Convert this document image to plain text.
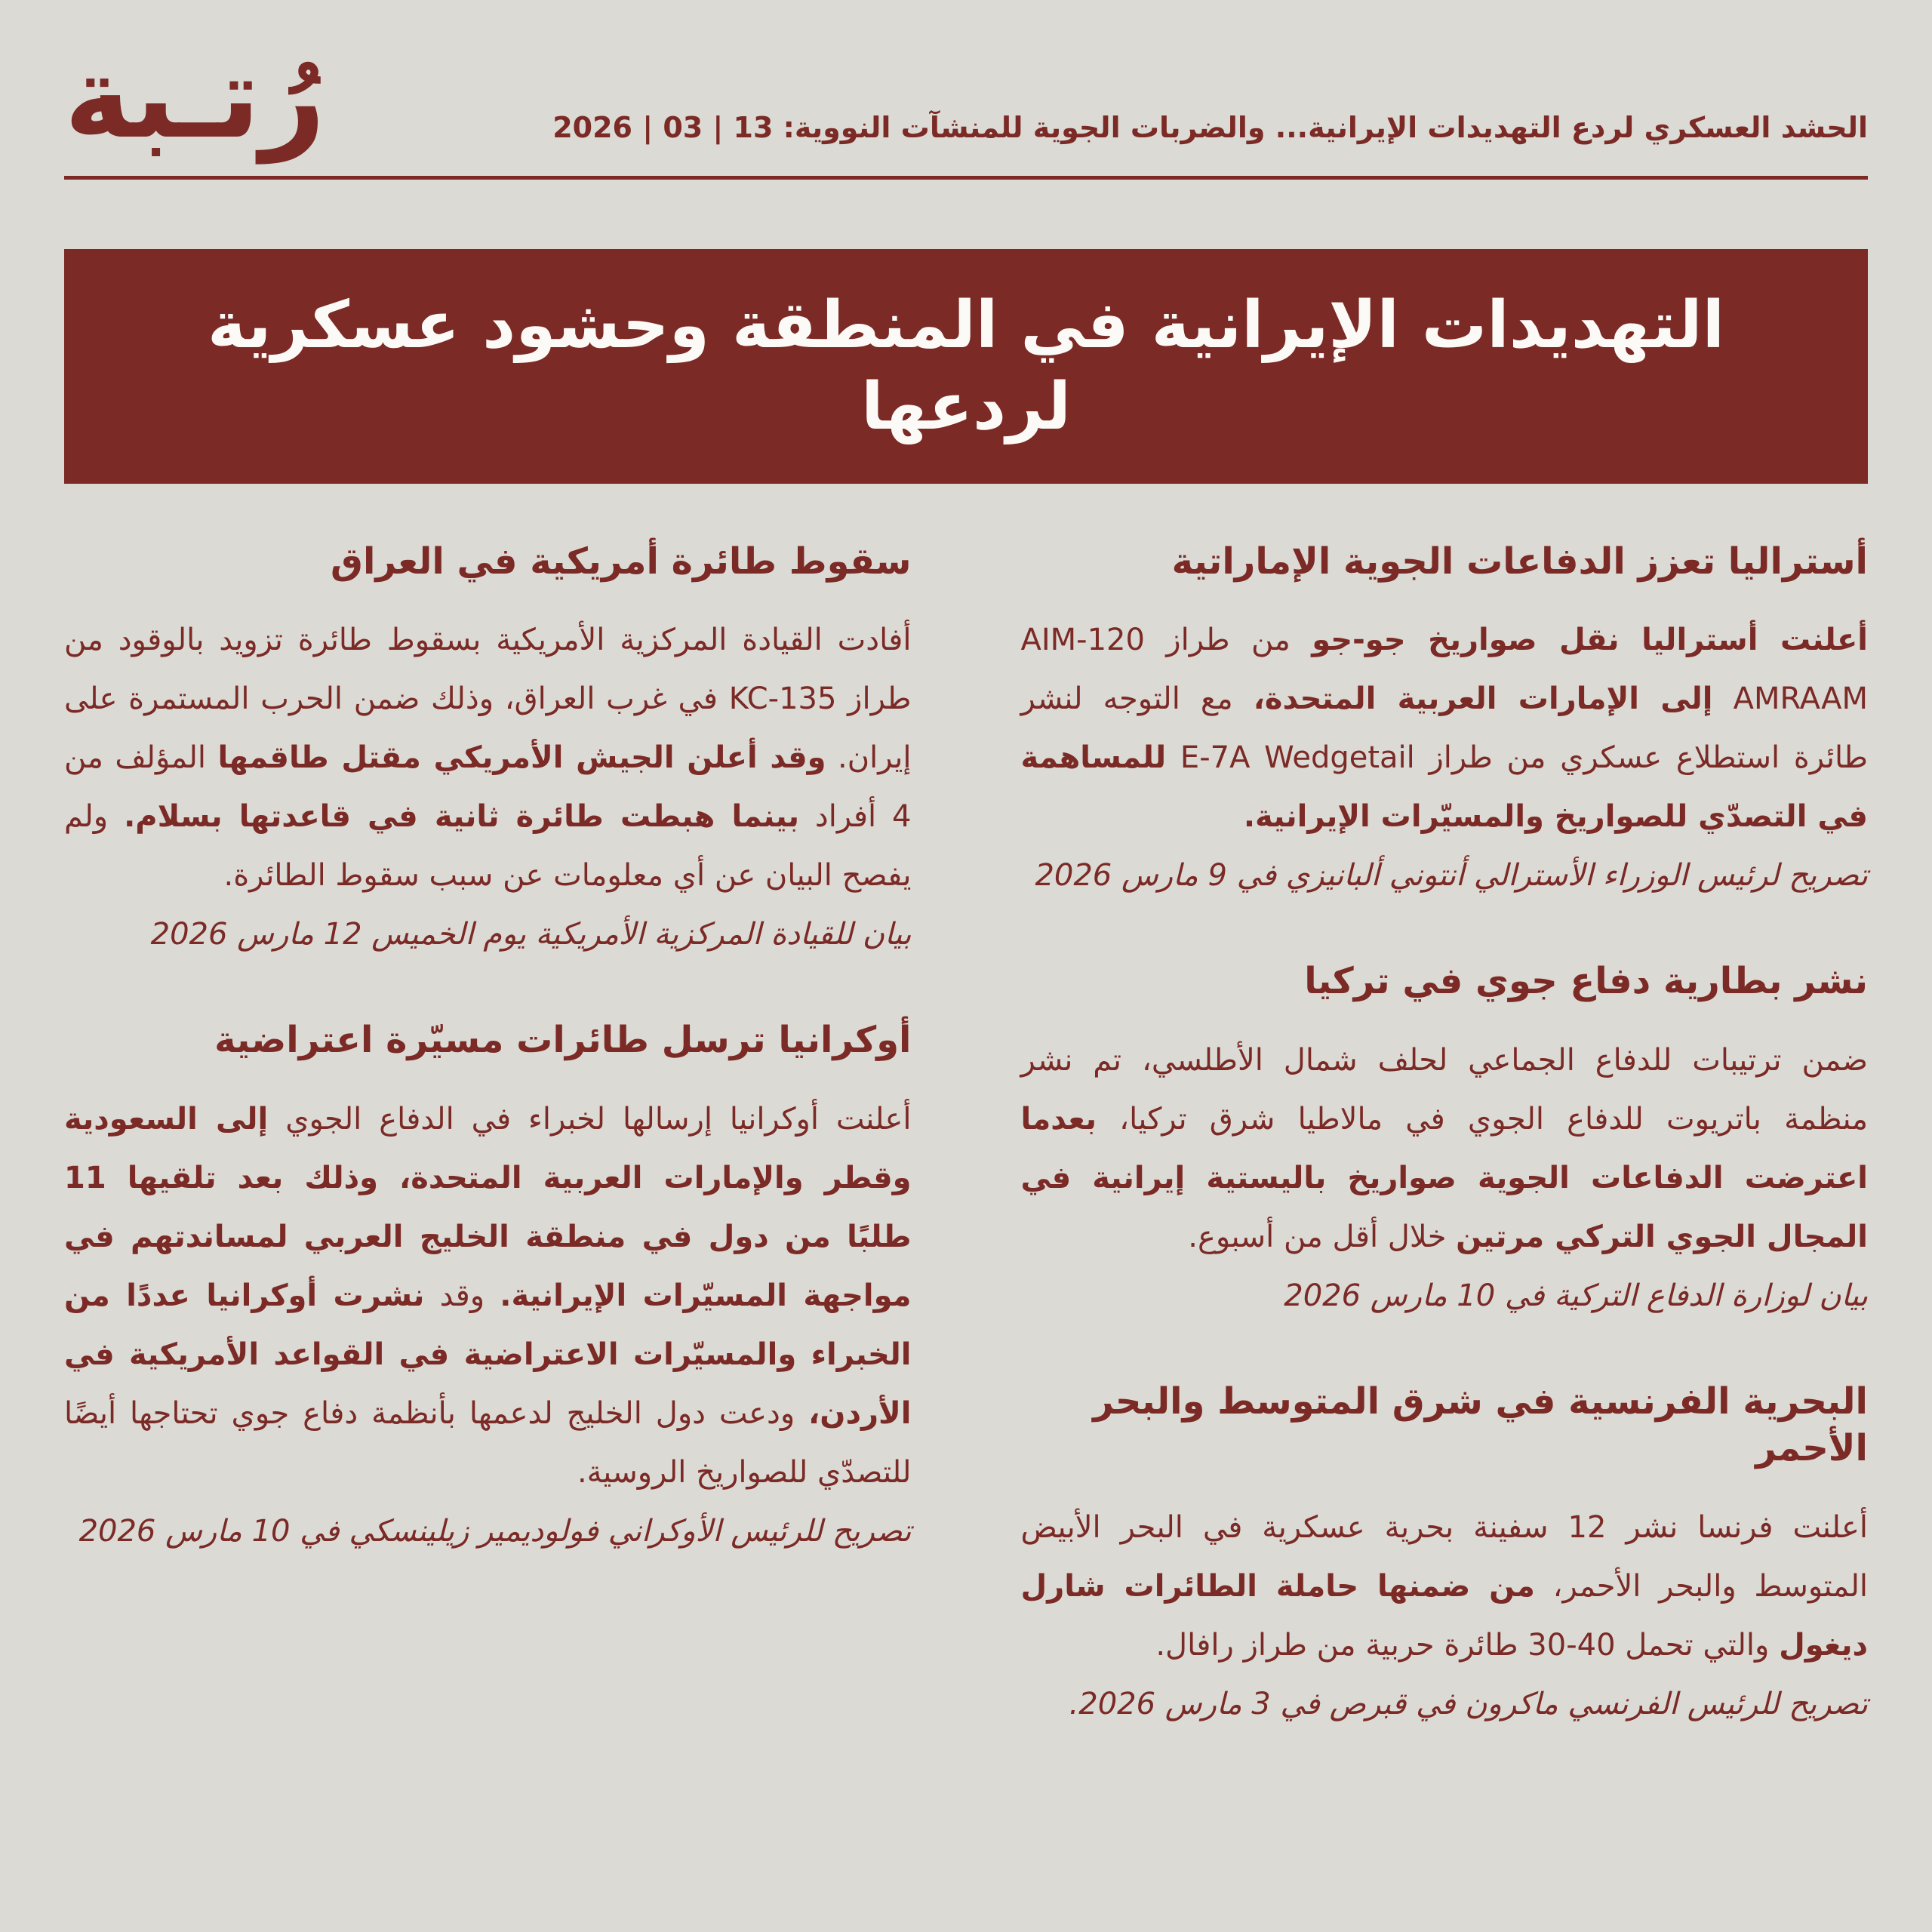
الحشد العسكري لردع التهديدات الإيرانية... والضربات الجوية للمنشآت النووية: 13 | 03 | 2026
رُتـبة
التهديدات الإيرانية في المنطقة وحشود عسكرية لردعها
أستراليا تعزز الدفاعات الجوية الإماراتية

أعلنت أستراليا نقل صواريخ جو-جو من طراز AIM-120 AMRAAM إلى الإمارات العربية المتحدة، مع التوجه لنشر طائرة استطلاع عسكري من طراز E-7A Wedgetail للمساهمة في التصدّي للصواريخ والمسيّرات الإيرانية.

تصريح لرئيس الوزراء الأسترالي أنتوني ألبانيزي في 9 مارس 2026
نشر بطارية دفاع جوي في تركيا

ضمن ترتيبات للدفاع الجماعي لحلف شمال الأطلسي، تم نشر منظمة باتريوت للدفاع الجوي في مالاطيا شرق تركيا، بعدما اعترضت الدفاعات الجوية صواريخ باليستية إيرانية في المجال الجوي التركي مرتين خلال أقل من أسبوع.

بيان لوزارة الدفاع التركية في 10 مارس 2026
البحرية الفرنسية في شرق المتوسط والبحر الأحمر

أعلنت فرنسا نشر 12 سفينة بحرية عسكرية في البحر الأبيض المتوسط والبحر الأحمر، من ضمنها حاملة الطائرات شارل ديغول والتي تحمل 40-30 طائرة حربية من طراز رافال.

تصريح للرئيس الفرنسي ماكرون في قبرص في 3 مارس 2026.
سقوط طائرة أمريكية في العراق

أفادت القيادة المركزية الأمريكية بسقوط طائرة تزويد بالوقود من طراز KC-135 في غرب العراق، وذلك ضمن الحرب المستمرة على إيران. وقد أعلن الجيش الأمريكي مقتل طاقمها المؤلف من 4 أفراد بينما هبطت طائرة ثانية في قاعدتها بسلام. ولم يفصح البيان عن أي معلومات عن سبب سقوط الطائرة.

بيان للقيادة المركزية الأمريكية يوم الخميس 12 مارس 2026
أوكرانيا ترسل طائرات مسيّرة اعتراضية

أعلنت أوكرانيا إرسالها لخبراء في الدفاع الجوي إلى السعودية وقطر والإمارات العربية المتحدة، وذلك بعد تلقيها 11 طلبًا من دول في منطقة الخليج العربي لمساندتهم في مواجهة المسيّرات الإيرانية. وقد نشرت أوكرانيا عددًا من الخبراء والمسيّرات الاعتراضية في القواعد الأمريكية في الأردن، ودعت دول الخليج لدعمها بأنظمة دفاع جوي تحتاجها أيضًا للتصدّي للصواريخ الروسية.

تصريح للرئيس الأوكراني فولوديمير زيلينسكي في 10 مارس 2026
